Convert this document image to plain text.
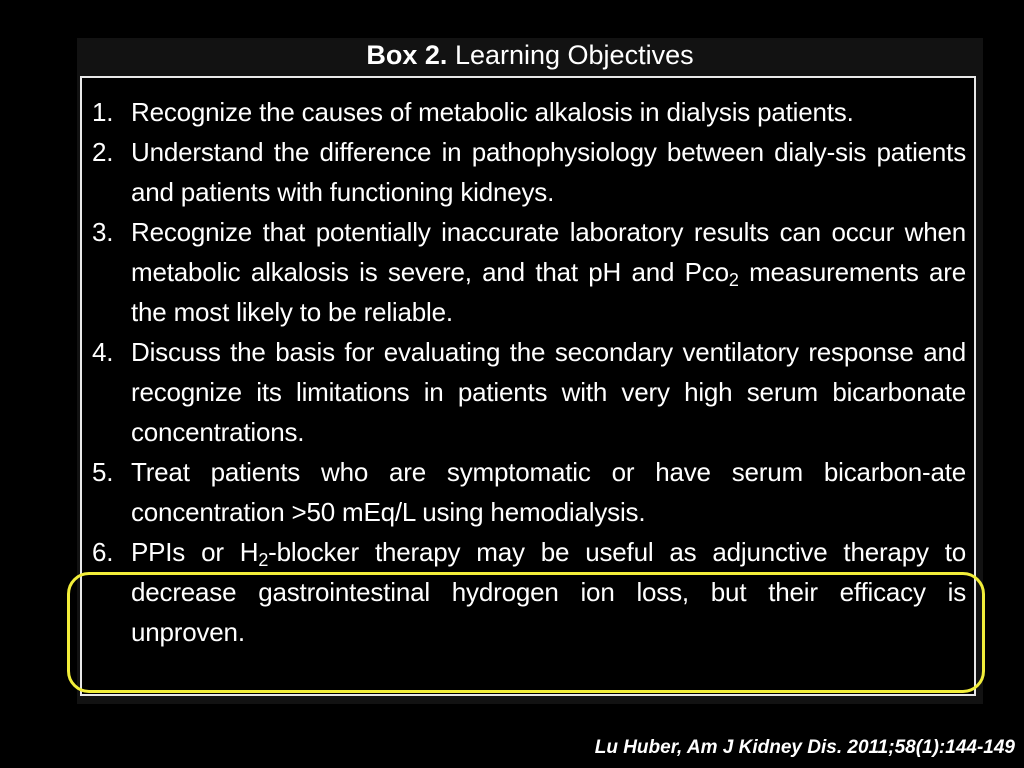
Box 2. Learning Objectives
1. Recognize the causes of metabolic alkalosis in dialysis patients.
2. Understand the difference in pathophysiology between dialy-sis patients and patients with functioning kidneys.
3. Recognize that potentially inaccurate laboratory results can occur when metabolic alkalosis is severe, and that pH and Pco$_2$ measurements are the most likely to be reliable.
4. Discuss the basis for evaluating the secondary ventilatory response and recognize its limitations in patients with very high serum bicarbonate concentrations.
5. Treat patients who are symptomatic or have serum bicarbon-ate concentration >50 mEq/L using hemodialysis.
6. PPIs or $H_2$-blocker therapy may be useful as adjunctive therapy to decrease gastrointestinal hydrogen ion loss, but their efficacy is unproven.
Lu Huber, Am J Kidney Dis. 2011;58(1):144-149
